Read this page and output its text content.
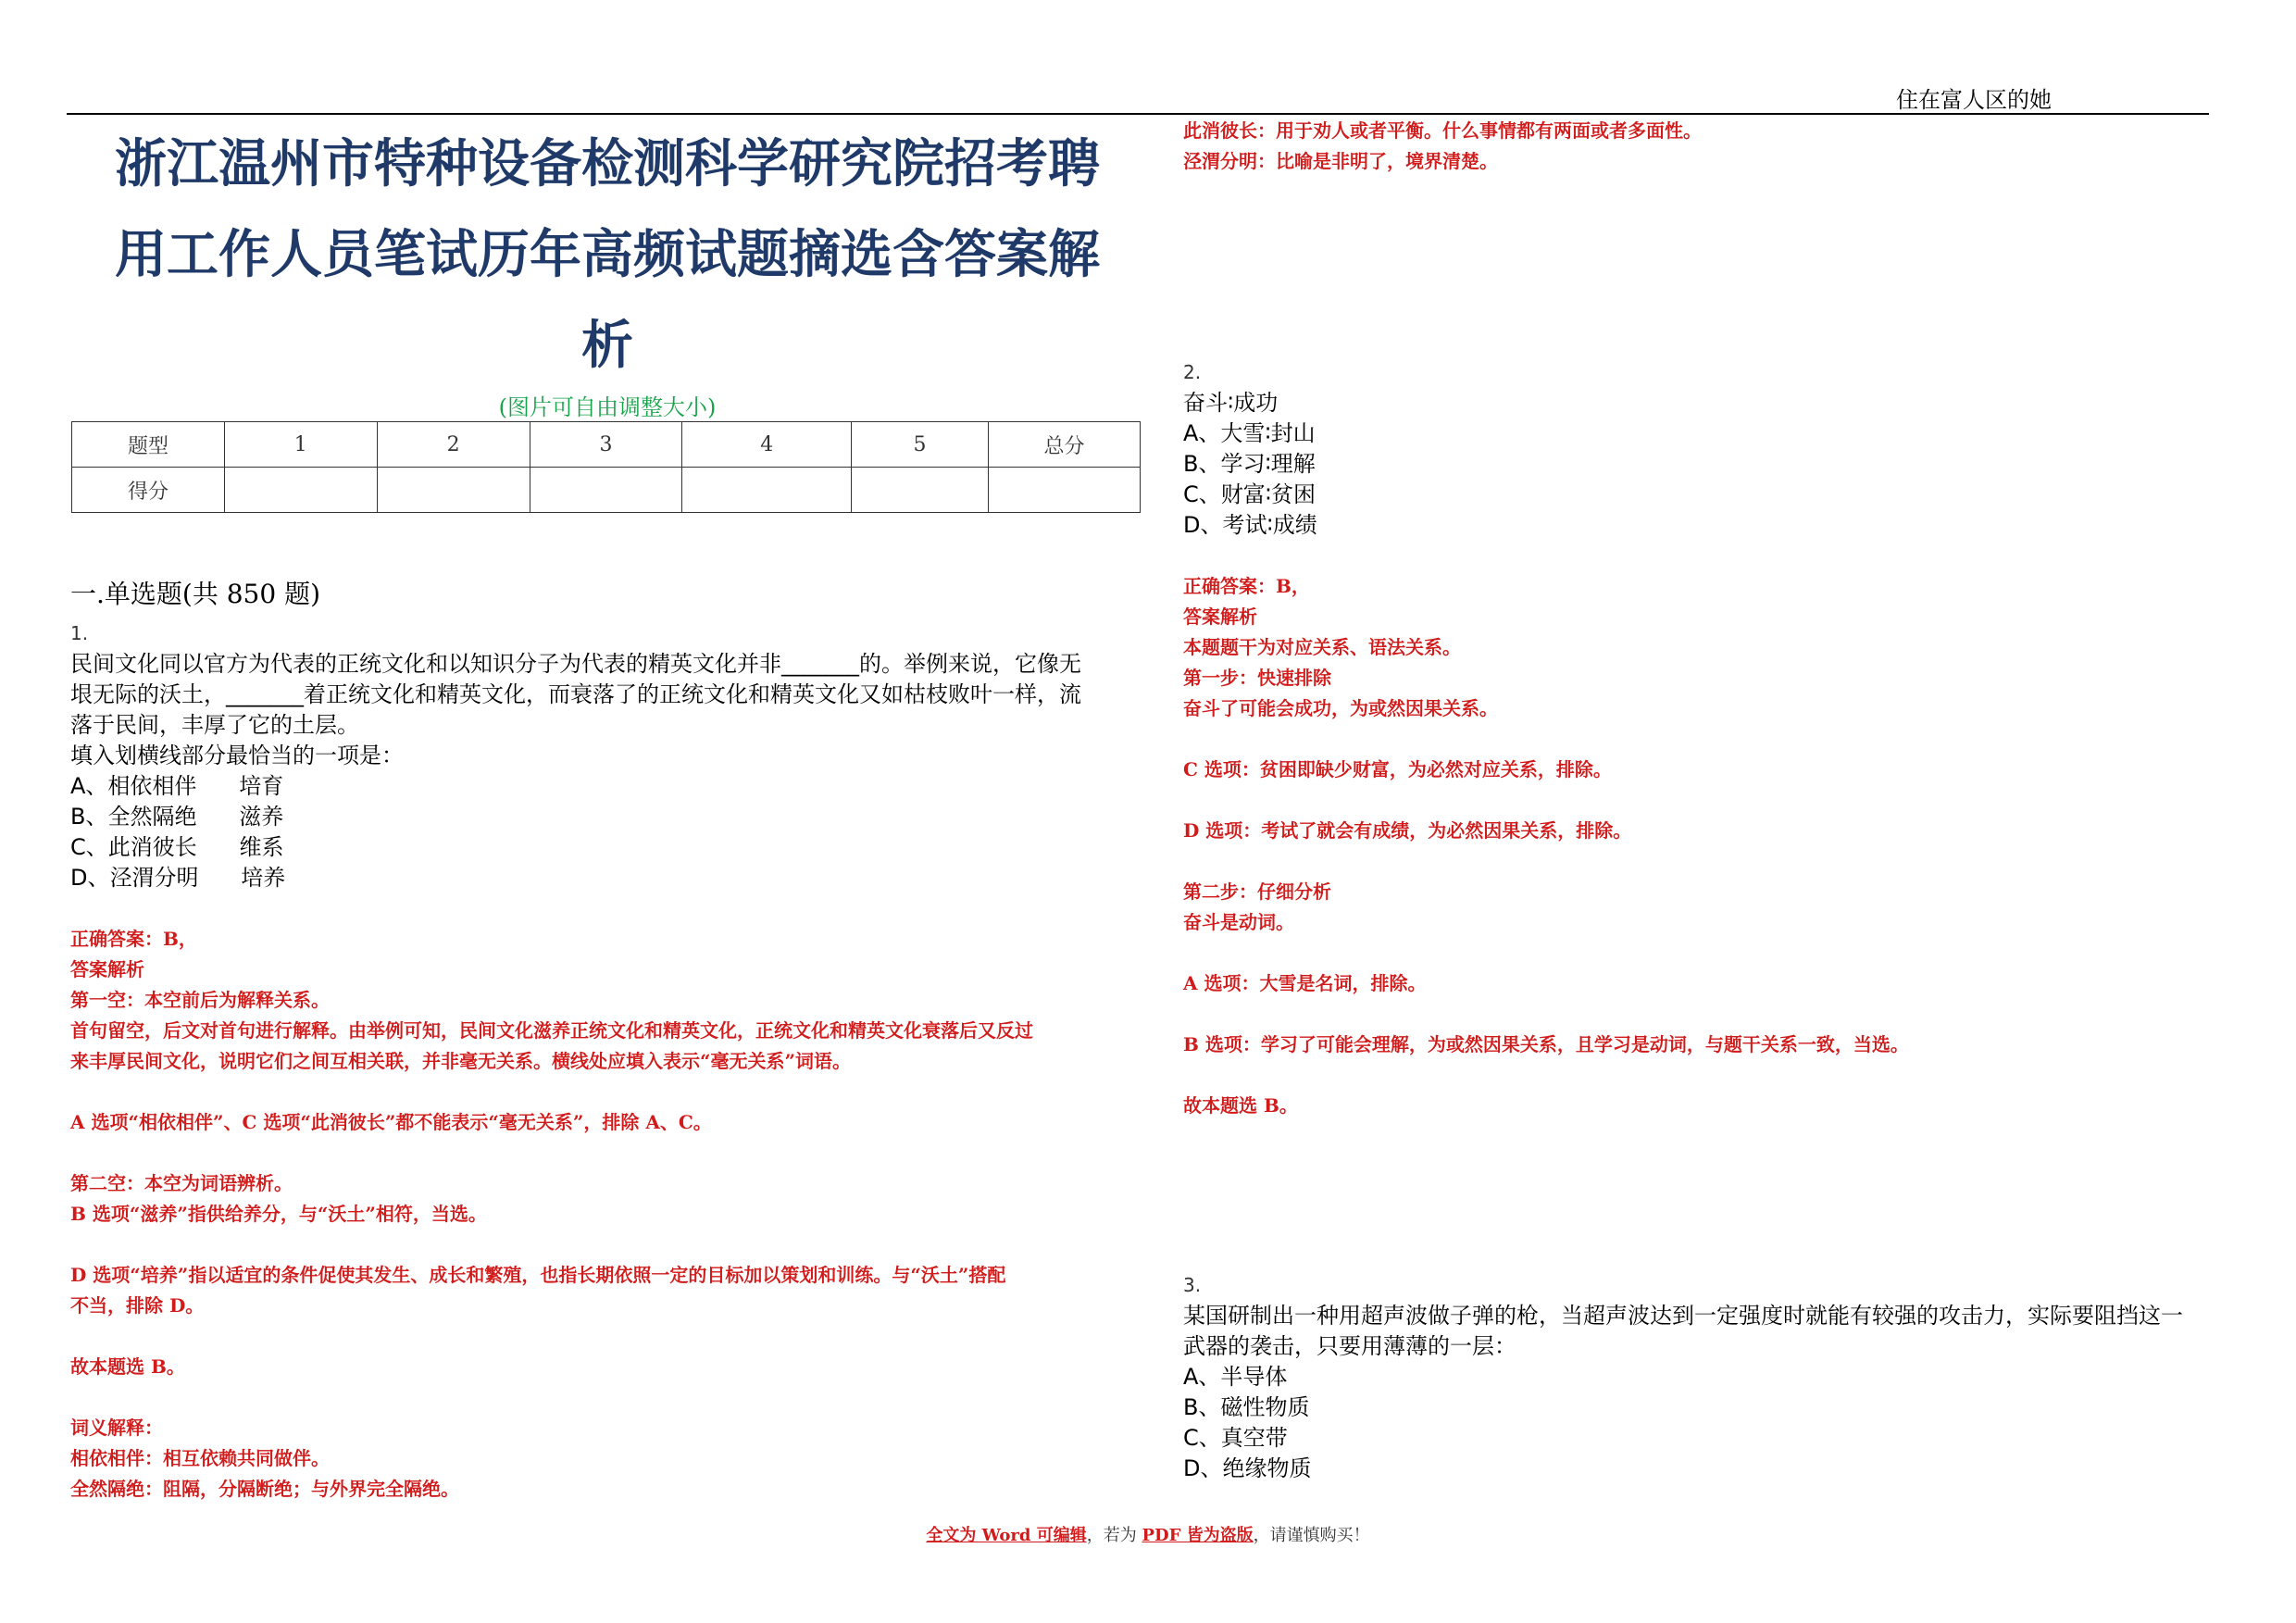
住在富人区的她
浙江温州市特种设备检测科学研究院招考聘
用工作人员笔试历年高频试题摘选含答案解
析
(图片可自由调整大小)
题型	1	2	3	4	5	总分
得分						
一.单选题(共 850 题)

1.

民间文化同以官方为代表的正统文化和以知识分子为代表的精英文化并非_______的。举例来说，它像无

垠无际的沃土，_______着正统文化和精英文化，而衰落了的正统文化和精英文化又如枯枝败叶一样，流

落于民间，丰厚了它的土层。

填入划横线部分最恰当的一项是：

A、相依相伴      培育

B、全然隔绝      滋养

C、此消彼长      维系

D、泾渭分明      培养

正确答案：B，

答案解析

第一空：本空前后为解释关系。

首句留空，后文对首句进行解释。由举例可知，民间文化滋养正统文化和精英文化，正统文化和精英文化衰落后又反过

来丰厚民间文化，说明它们之间互相关联，并非毫无关系。横线处应填入表示“毫无关系”词语。

A 选项“相依相伴”、C 选项“此消彼长”都不能表示“毫无关系”，排除 A、C。

第二空：本空为词语辨析。

B 选项“滋养”指供给养分，与“沃土”相符，当选。

D 选项“培养”指以适宜的条件促使其发生、成长和繁殖，也指长期依照一定的目标加以策划和训练。与“沃土”搭配

不当，排除 D。

故本题选 B。

词义解释：

相依相伴：相互依赖共同做伴。

全然隔绝：阻隔，分隔断绝；与外界完全隔绝。

此消彼长：用于劝人或者平衡。什么事情都有两面或者多面性。

泾渭分明：比喻是非明了，境界清楚。

2.

奋斗∶成功

A、大雪∶封山

B、学习∶理解

C、财富∶贫困

D、考试∶成绩

正确答案：B，

答案解析

本题题干为对应关系、语法关系。

第一步：快速排除

奋斗了可能会成功，为或然因果关系。

C 选项：贫困即缺少财富，为必然对应关系，排除。

D 选项：考试了就会有成绩，为必然因果关系，排除。

第二步：仔细分析

奋斗是动词。

A 选项：大雪是名词，排除。

B 选项：学习了可能会理解，为或然因果关系，且学习是动词，与题干关系一致，当选。

故本题选 B。

3.

某国研制出一种用超声波做子弹的枪，当超声波达到一定强度时就能有较强的攻击力，实际要阻挡这一

武器的袭击，只要用薄薄的一层：

A、半导体

B、磁性物质

C、真空带

D、绝缘物质

全文为 Word 可编辑，若为 PDF 皆为盗版，请谨慎购买！
